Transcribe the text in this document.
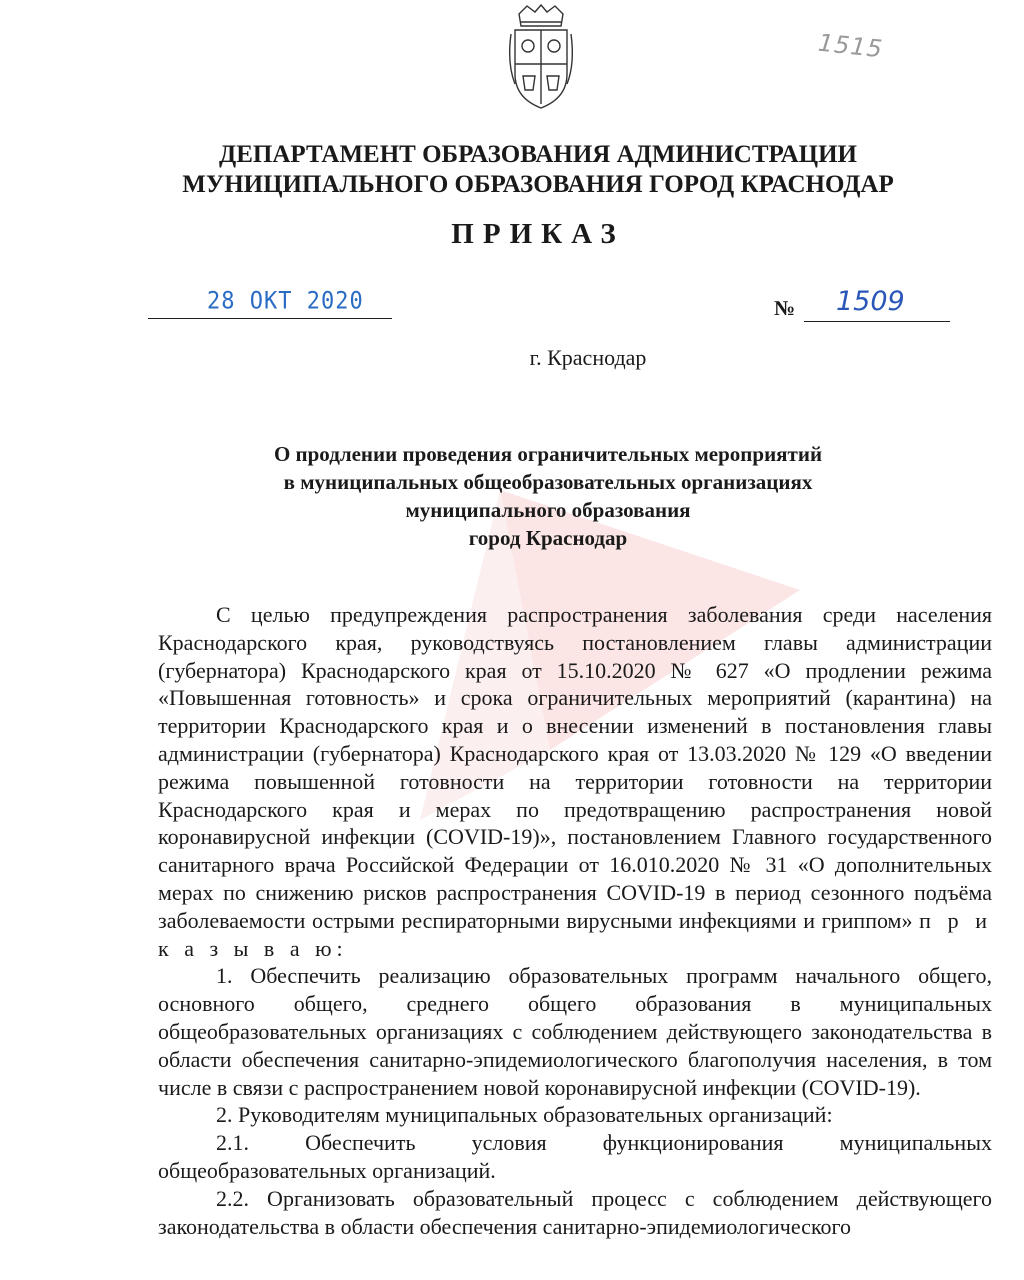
1515
ДЕПАРТАМЕНТ ОБРАЗОВАНИЯ АДМИНИСТРАЦИИ
МУНИЦИПАЛЬНОГО ОБРАЗОВАНИЯ ГОРОД КРАСНОДАР
ПРИКАЗ
28 ОКТ 2020	№ 1509
г. Краснодар
О продлении проведения ограничительных мероприятий
в муниципальных общеобразовательных организациях
муниципального образования
город Краснодар

С целью предупреждения распространения заболевания среди населения Краснодарского края, руководствуясь постановлением главы администрации (губернатора) Краснодарского края от 15.10.2020 № 627 «О продлении режима «Повышенная готовность» и срока ограничительных мероприятий (карантина) на территории Краснодарского края и о внесении изменений в постановления главы администрации (губернатора) Краснодарского края от 13.03.2020 № 129 «О введении режима повышенной готовности на территории готовности на территории Краснодарского края и мерах по предотвращению распространения новой коронавирусной инфекции (COVID-19)», постановлением Главного государственного санитарного врача Российской Федерации от 16.010.2020 № 31 «О дополнительных мерах по снижению рисков распространения COVID-19 в период сезонного подъёма заболеваемости острыми респираторными вирусными инфекциями и гриппом» п р и к а з ы в а ю:

1. Обеспечить реализацию образовательных программ начального общего, основного общего, среднего общего образования в муниципальных общеобразовательных организациях с соблюдением действующего законодательства в области обеспечения санитарно-эпидемиологического благополучия населения, в том числе в связи с распространением новой коронавирусной инфекции (COVID-19).

2. Руководителям муниципальных образовательных организаций:

2.1. Обеспечить условия функционирования муниципальных общеобразовательных организаций.

2.2. Организовать образовательный процесс с соблюдением действующего законодательства в области обеспечения санитарно-эпидемиологического
